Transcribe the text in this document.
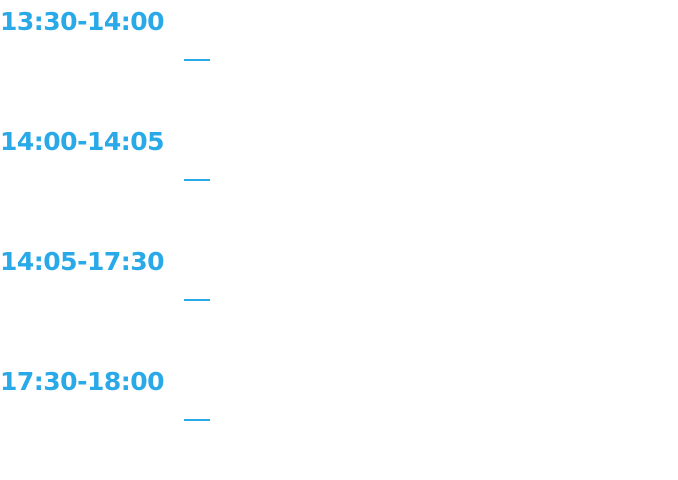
13:30-14:00
14:00-14:05
14:05-17:30
17:30-18:00
